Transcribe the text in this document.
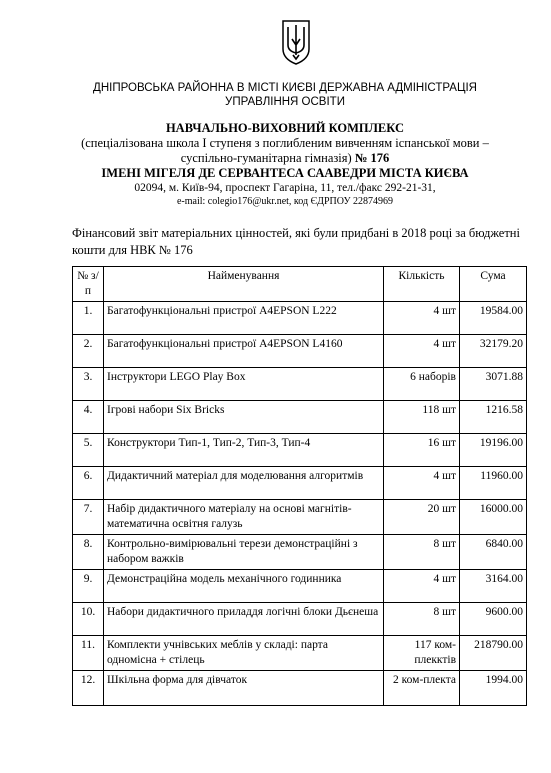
ДНІПРОВСЬКА РАЙОННА В МІСТІ КИЄВІ ДЕРЖАВНА АДМІНІСТРАЦІЯ
УПРАВЛІННЯ ОСВІТИ
НАВЧАЛЬНО-ВИХОВНИЙ КОМПЛЕКС
(спеціалізована школа І ступеня з поглибленим вивченням іспанської мови –
суспільно-гуманітарна гімназія) № 176
ІМЕНІ МІГЕЛЯ ДЕ СЕРВАНТЕСА СААВЕДРИ МІСТА КИЄВА
02094, м. Київ-94, проспект Гагаріна, 11, тел./факс 292-21-31,
e-mail: colegio176@ukr.net, код ЄДРПОУ 22874969
Фінансовий звіт матеріальних цінностей, які були придбані в 2018 році за бюджетні кошти для НВК № 176
№ з/п	Найменування	Кількість	Сума
1.	Багатофункціональні пристрої А4EPSON L222	4 шт	19584.00
2.	Багатофункціональні пристрої А4EPSON L4160	4 шт	32179.20
3.	Інструктори LEGO Play Box	6 наборів	3071.88
4.	Ігрові набори Six Bricks	118 шт	1216.58
5.	Конструктори Тип-1, Тип-2, Тип-3, Тип-4	16 шт	19196.00
6.	Дидактичний матеріал для моделювання алгоритмів	4 шт	11960.00
7.	Набір дидактичного матеріалу на основі магнітів-математична освітня галузь	20 шт	16000.00
8.	Контрольно-вимірювальні терези демонстраційні з набором важків	8 шт	6840.00
9.	Демонстраційна модель механічного годинника	4 шт	3164.00
10.	Набори дидактичного приладдя логічні блоки Дьєнеша	8 шт	9600.00
11.	Комплекти учнівських меблів у складі: парта одномісна + стілець	117 ком-плекктів	218790.00
12.	Шкільна форма для дівчаток	2 ком-плекта	1994.00
